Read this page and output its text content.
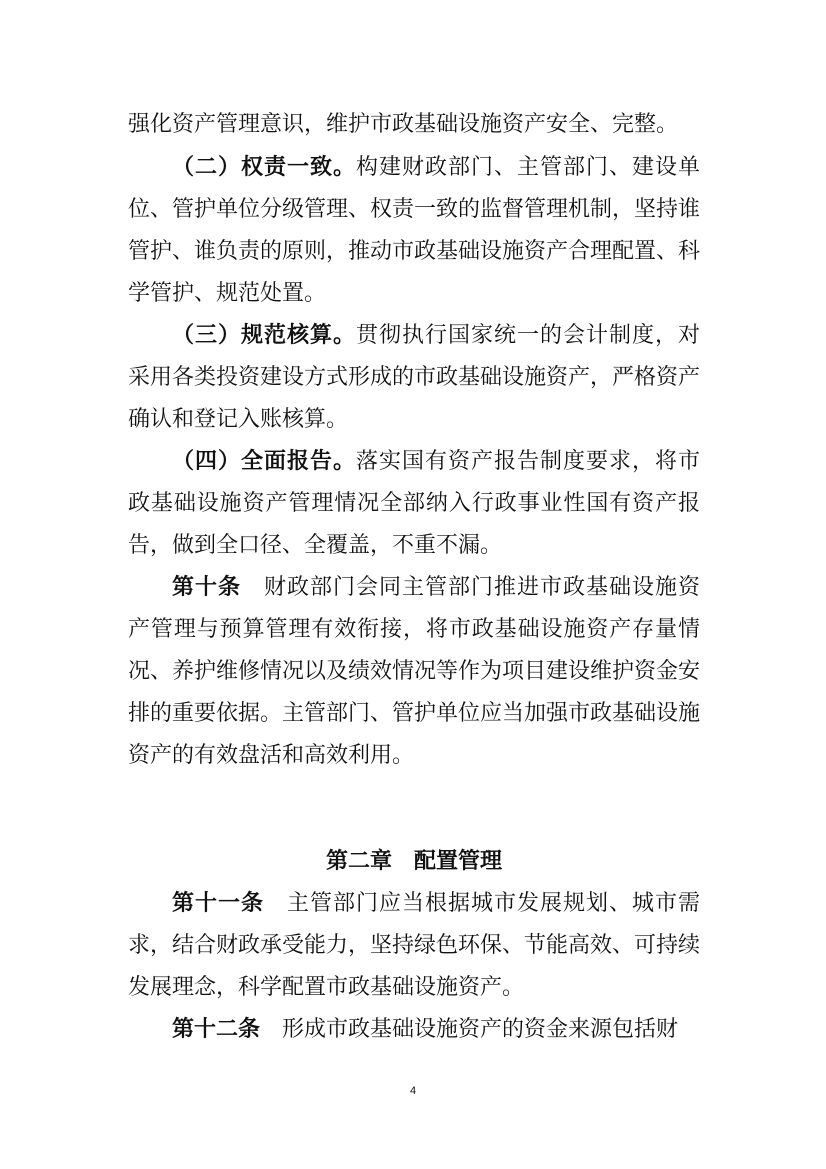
强化资产管理意识，维护市政基础设施资产安全、完整。

（二）权责一致。构建财政部门、主管部门、建设单位、管护单位分级管理、权责一致的监督管理机制，坚持谁管护、谁负责的原则，推动市政基础设施资产合理配置、科学管护、规范处置。

（三）规范核算。贯彻执行国家统一的会计制度，对采用各类投资建设方式形成的市政基础设施资产，严格资产确认和登记入账核算。

（四）全面报告。落实国有资产报告制度要求，将市政基础设施资产管理情况全部纳入行政事业性国有资产报告，做到全口径、全覆盖，不重不漏。

第十条　财政部门会同主管部门推进市政基础设施资产管理与预算管理有效衔接，将市政基础设施资产存量情况、养护维修情况以及绩效情况等作为项目建设维护资金安排的重要依据。主管部门、管护单位应当加强市政基础设施资产的有效盘活和高效利用。

第二章　配置管理

第十一条　主管部门应当根据城市发展规划、城市需求，结合财政承受能力，坚持绿色环保、节能高效、可持续发展理念，科学配置市政基础设施资产。

第十二条　形成市政基础设施资产的资金来源包括财

4
